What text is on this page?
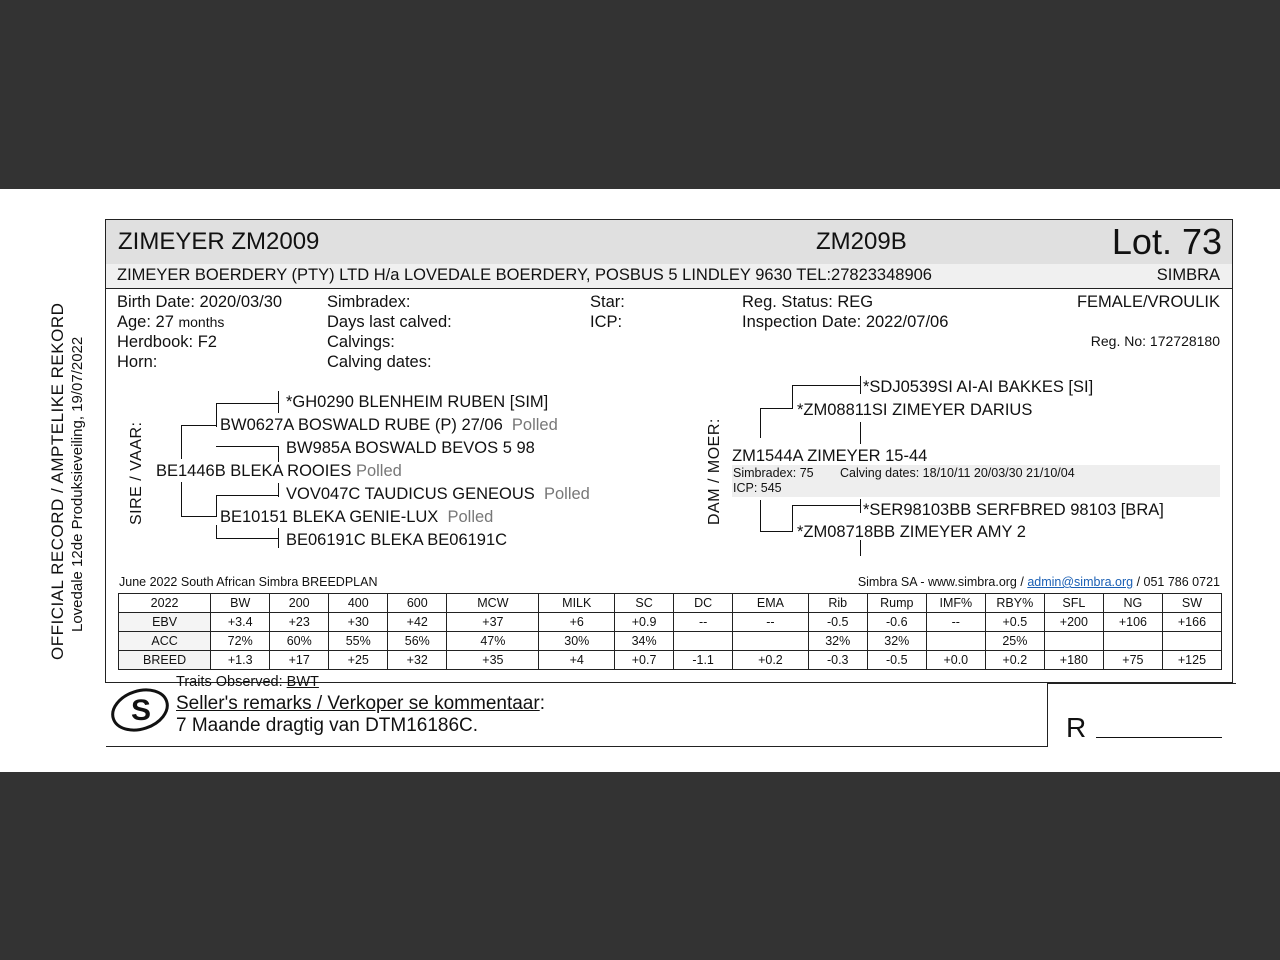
OFFICIAL RECORD / AMPTELIKE REKORD Lovedale 12de Produksieveiling, 19/07/2022
ZIMEYER ZM2009	ZM209B	Lot. 73
ZIMEYER BOERDERY (PTY) LTD H/a LOVEDALE BOERDERY, POSBUS 5 LINDLEY 9630 TEL:27823348906	SIMBRA
Birth Date: 2020/03/30
Age: 27 months
Herdbook: F2
Horn:
Simbradex:
Days last calved:
Calvings:
Calving dates:
Star:
ICP:
Reg. Status: REG
Inspection Date: 2022/07/06
FEMALE/VROULIK
Reg. No: 172728180
SIRE / VAAR:
*GH0290 BLENHEIM RUBEN [SIM]
BW0627A BOSWALD RUBE (P) 27/06 Polled
BW985A BOSWALD BEVOS 5 98
BE1446B BLEKA ROOIES Polled
VOV047C TAUDICUS GENEOUS Polled
BE10151 BLEKA GENIE-LUX Polled
BE06191C BLEKA BE06191C
DAM / MOER:
*SDJ0539SI AI-AI BAKKES [SI]
*ZM08811SI ZIMEYER DARIUS
ZM1544A ZIMEYER 15-44
Simbradex: 75 Calving dates: 18/10/11 20/03/30 21/10/04
ICP: 545
*SER98103BB SERFBRED 98103 [BRA]
*ZM08718BB ZIMEYER AMY 2
June 2022 South African Simbra BREEDPLAN	Simbra SA - www.simbra.org / admin@simbra.org / 051 786 0721
2022	BW	200	400	600	MCW	MILK	SC	DC	EMA	Rib	Rump	IMF%	RBY%	SFL	NG	SW
EBV	+3.4	+23	+30	+42	+37	+6	+0.9	--	--	-0.5	-0.6	--	+0.5	+200	+106	+166
ACC	72%	60%	55%	56%	47%	30%	34%			32%	32%		25%			
BREED	+1.3	+17	+25	+32	+35	+4	+0.7	-1.1	+0.2	-0.3	-0.5	+0.0	+0.2	+180	+75	+125
S
Traits Observed: BWT
Seller's remarks / Verkoper se kommentaar:
7 Maande dragtig van DTM16186C.	R
